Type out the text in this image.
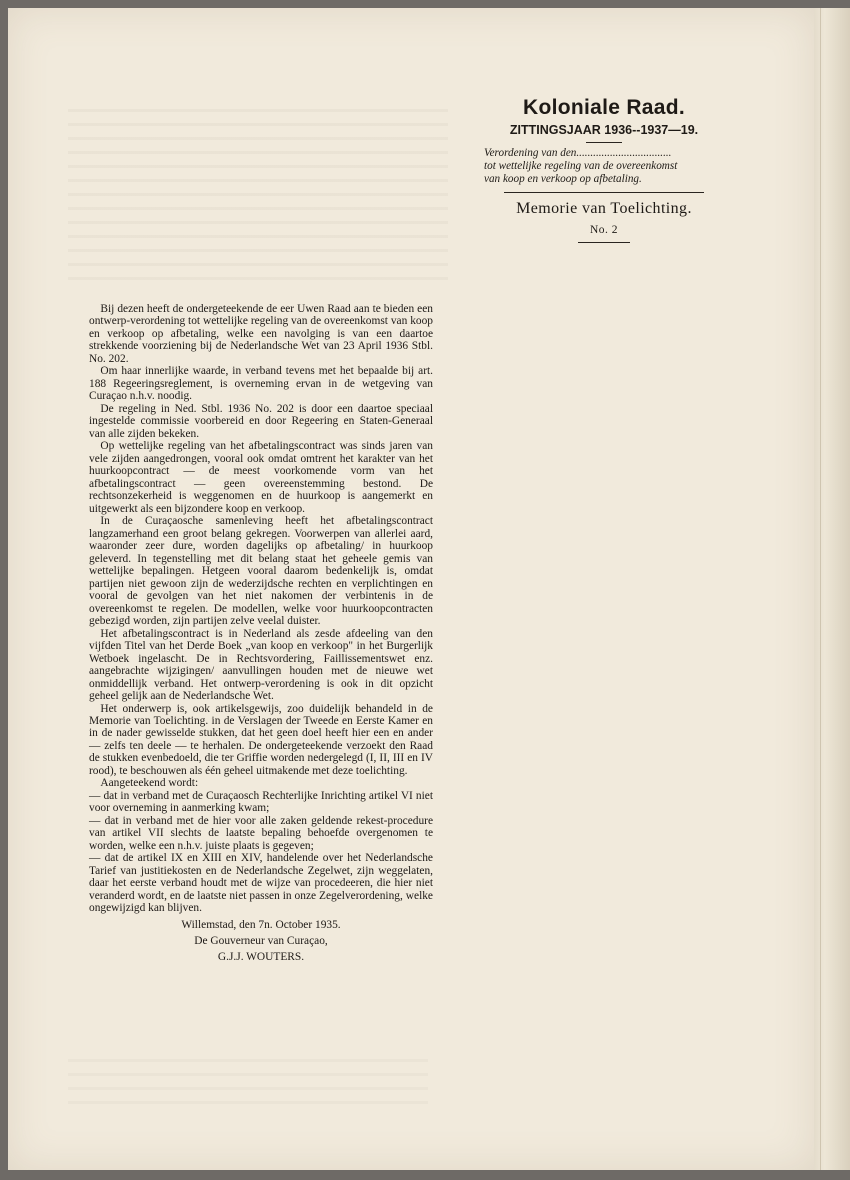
Koloniale Raad.
ZITTINGSJAAR 1936--1937—19.
Verordening van den..................................
tot wettelijke regeling van de overeenkomst
van koop en verkoop op afbetaling.
Memorie van Toelichting.
No. 2

Bij dezen heeft de ondergeteekende de eer Uwen Raad aan te bieden een ontwerp-verordening tot wettelijke regeling van de overeenkomst van koop en verkoop op afbetaling, welke een navolging is van een daartoe strekkende voorziening bij de Nederlandsche Wet van 23 April 1936 Stbl. No. 202.

Om haar innerlijke waarde, in verband tevens met het bepaalde bij art. 188 Regeeringsreglement, is overneming ervan in de wetgeving van Curaçao n.h.v. noodig.

De regeling in Ned. Stbl. 1936 No. 202 is door een daartoe speciaal ingestelde commissie voorbereid en door Regeering en Staten-Generaal van alle zijden bekeken.

Op wettelijke regeling van het afbetalingscontract was sinds jaren van vele zijden aangedrongen, vooral ook omdat omtrent het karakter van het huurkoopcontract — de meest voorkomende vorm van het afbetalingscontract — geen overeenstemming bestond. De rechtsonzekerheid is weggenomen en de huurkoop is aangemerkt en uitgewerkt als een bijzondere koop en verkoop.

In de Curaçaosche samenleving heeft het afbetalingscontract langzamerhand een groot belang gekregen. Voorwerpen van allerlei aard, waaronder zeer dure, worden dagelijks op afbetaling/ in huurkoop geleverd. In tegenstelling met dit belang staat het geheele gemis van wettelijke bepalingen. Hetgeen vooral daarom bedenkelijk is, omdat partijen niet gewoon zijn de wederzijdsche rechten en verplichtingen en vooral de gevolgen van het niet nakomen der verbintenis in de overeenkomst te regelen. De modellen, welke voor huurkoopcontracten gebezigd worden, zijn partijen zelve veelal duister.

Het afbetalingscontract is in Nederland als zesde afdeeling van den vijfden Titel van het Derde Boek „van koop en verkoop" in het Burgerlijk Wetboek ingelascht. De in Rechtsvordering, Faillissementswet enz. aangebrachte wijzigingen/ aanvullingen houden met de nieuwe wet onmiddellijk verband. Het ontwerp-verordening is ook in dit opzicht geheel gelijk aan de Nederlandsche Wet.

Het onderwerp is, ook artikelsgewijs, zoo duidelijk behandeld in de Memorie van Toelichting. in de Verslagen der Tweede en Eerste Kamer en in de nader gewisselde stukken, dat het geen doel heeft hier een en ander — zelfs ten deele — te herhalen. De ondergeteekende verzoekt den Raad de stukken evenbedoeld, die ter Griffie worden nedergelegd (I, II, III en IV rood), te beschouwen als één geheel uitmakende met deze toelichting.

Aangeteekend wordt:

— dat in verband met de Curaçaosch Rechterlijke Inrichting artikel VI niet voor overneming in aanmerking kwam;
— dat in verband met de hier voor alle zaken geldende rekest-procedure van artikel VII slechts de laatste bepaling behoefde overgenomen te worden, welke een n.h.v. juiste plaats is gegeven;
— dat de artikel IX en XIII en XIV, handelende over het Nederlandsche Tarief van justitiekosten en de Nederlandsche Zegelwet, zijn weggelaten, daar het eerste verband houdt met de wijze van procedeeren, die hier niet veranderd wordt, en de laatste niet passen in onze Zegelverordening, welke ongewijzigd kan blijven.
Willemstad, den 7n. October 1935.
De Gouverneur van Curaçao,
G.J.J. WOUTERS.
